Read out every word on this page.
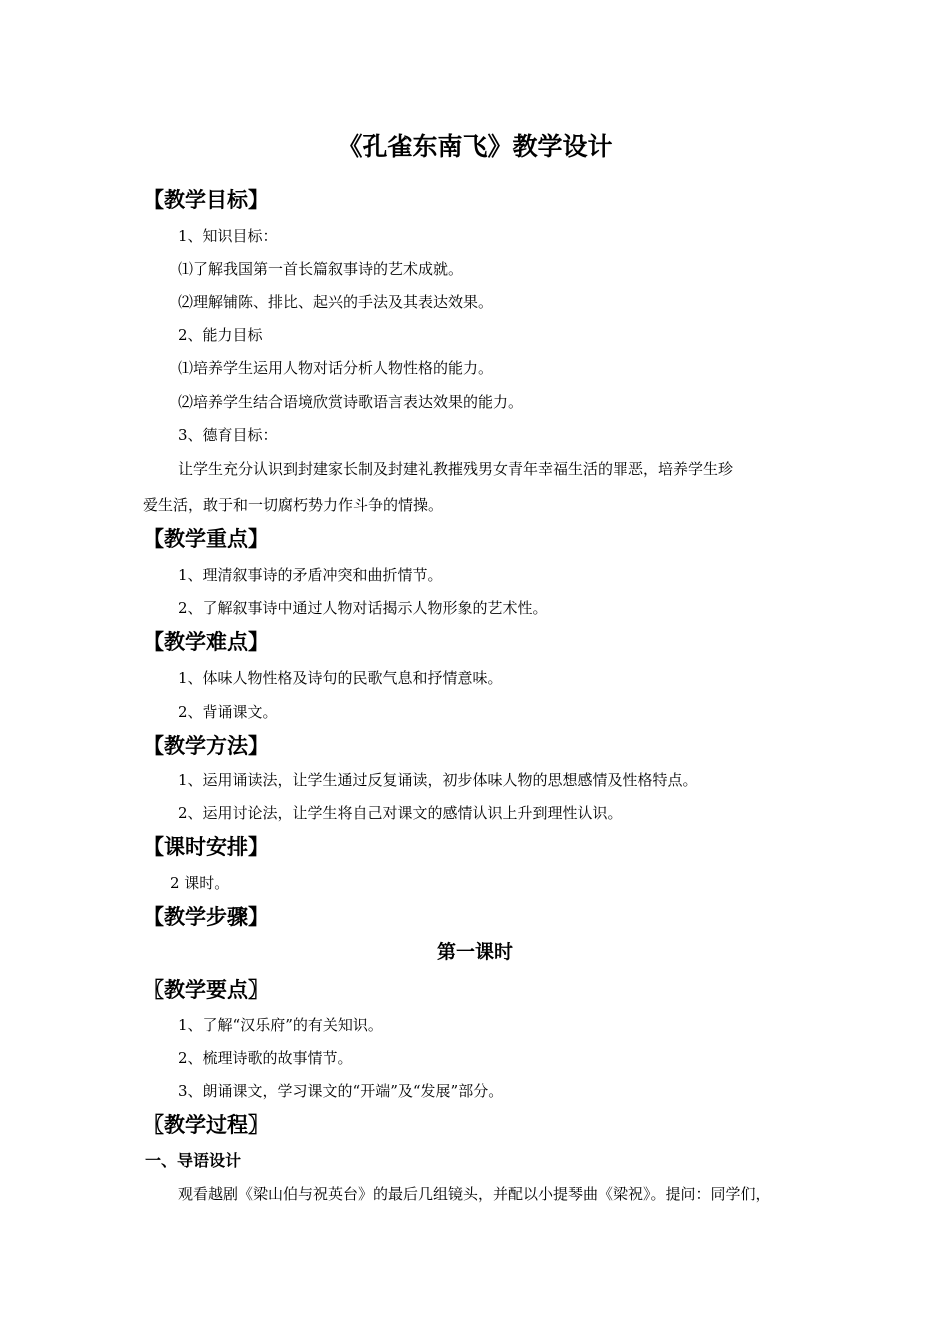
《孔雀东南飞》教学设计
【教学目标】
1、知识目标：
⑴了解我国第一首长篇叙事诗的艺术成就。
⑵理解铺陈、排比、起兴的手法及其表达效果。
2、能力目标
⑴培养学生运用人物对话分析人物性格的能力。
⑵培养学生结合语境欣赏诗歌语言表达效果的能力。
3、德育目标：
让学生充分认识到封建家长制及封建礼教摧残男女青年幸福生活的罪恶，培养学生珍
爱生活，敢于和一切腐朽势力作斗争的情操。
【教学重点】
1、理清叙事诗的矛盾冲突和曲折情节。
2、了解叙事诗中通过人物对话揭示人物形象的艺术性。
【教学难点】
1、体味人物性格及诗句的民歌气息和抒情意味。
2、背诵课文。
【教学方法】
1、运用诵读法，让学生通过反复诵读，初步体味人物的思想感情及性格特点。
2、运用讨论法，让学生将自己对课文的感情认识上升到理性认识。
【课时安排】
2 课时。
【教学步骤】
第一课时
〖教学要点〗
1、了解“汉乐府”的有关知识。
2、梳理诗歌的故事情节。
3、朗诵课文，学习课文的“开端”及“发展”部分。
〖教学过程〗
一、导语设计
观看越剧《梁山伯与祝英台》的最后几组镜头，并配以小提琴曲《梁祝》。提问：同学们，
